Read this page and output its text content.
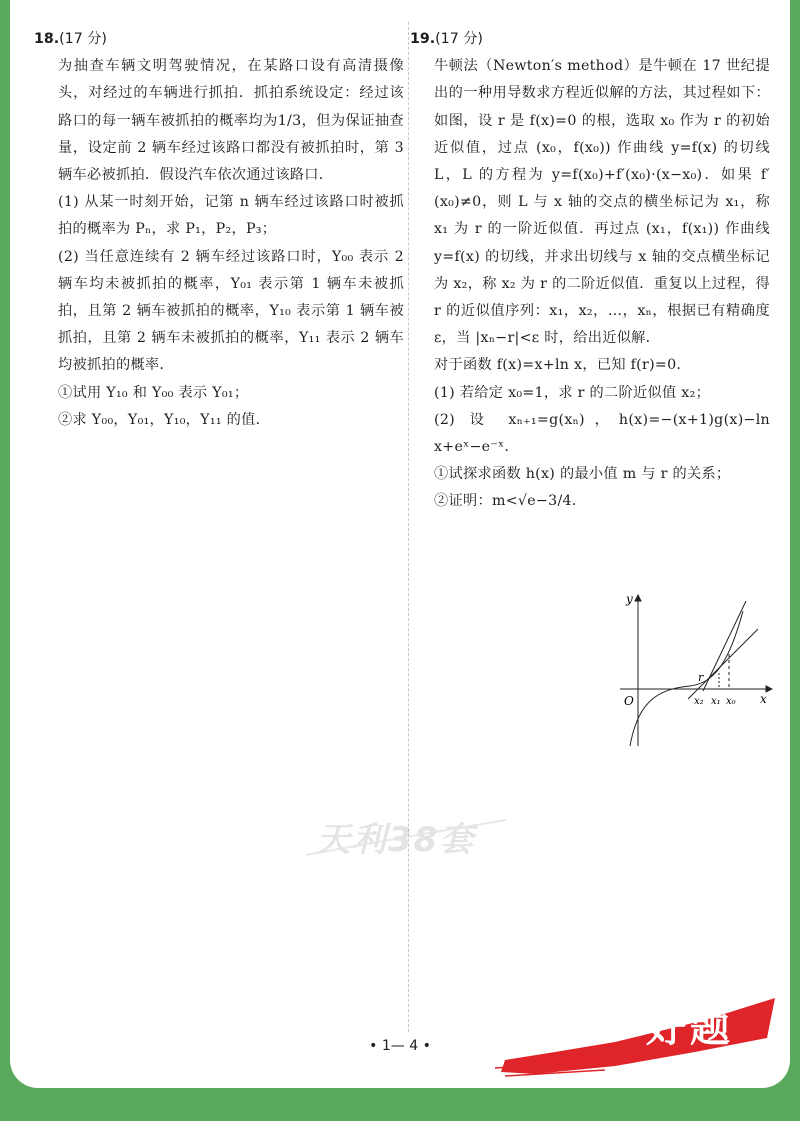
18.(17 分)

为抽查车辆文明驾驶情况，在某路口设有高清摄像头，对经过的车辆进行抓拍．抓拍系统设定：经过该路口的每一辆车被抓拍的概率均为1/3，但为保证抽查量，设定前 2 辆车经过该路口都没有被抓拍时，第 3 辆车必被抓拍．假设汽车依次通过该路口．

(1) 从某一时刻开始，记第 n 辆车经过该路口时被抓拍的概率为 Pₙ，求 P₁，P₂，P₃；

(2) 当任意连续有 2 辆车经过该路口时，Y₀₀ 表示 2 辆车均未被抓拍的概率，Y₀₁ 表示第 1 辆车未被抓拍，且第 2 辆车被抓拍的概率，Y₁₀ 表示第 1 辆车被抓拍，且第 2 辆车未被抓拍的概率，Y₁₁ 表示 2 辆车均被抓拍的概率．

①试用 Y₁₀ 和 Y₀₀ 表示 Y₀₁；

②求 Y₀₀，Y₀₁，Y₁₀，Y₁₁ 的值．

19.(17 分)

牛顿法（Newton′s method）是牛顿在 17 世纪提出的一种用导数求方程近似解的方法，其过程如下：如图，设 r 是 f(x)=0 的根，选取 x₀ 作为 r 的初始近似值，过点 (x₀，f(x₀)) 作曲线 y=f(x) 的切线 L，L 的方程为 y=f(x₀)+f′(x₀)·(x−x₀)．如果 f′(x₀)≠0，则 L 与 x 轴的交点的横坐标记为 x₁，称 x₁ 为 r 的一阶近似值．再过点 (x₁，f(x₁)) 作曲线 y=f(x) 的切线，并求出切线与 x 轴的交点横坐标记为 x₂，称 x₂ 为 r 的二阶近似值．重复以上过程，得 r 的近似值序列：x₁，x₂，…，xₙ，根据已有精确度 ε，当 |xₙ−r|<ε 时，给出近似解．

对于函数 f(x)=x+ln x，已知 f(r)=0．

(1) 若给定 x₀=1，求 r 的二阶近似值 x₂；

(2) 设 xₙ₊₁=g(xₙ)，h(x)=−(x+1)g(x)−ln x+eˣ−e⁻ˣ．

①试探求函数 h(x) 的最小值 m 与 r 的关系；

②证明：m<√e−3/4．

y
x
O
r
x₂ x₁ x₀
天利38套
• 1— 4 •	好题
